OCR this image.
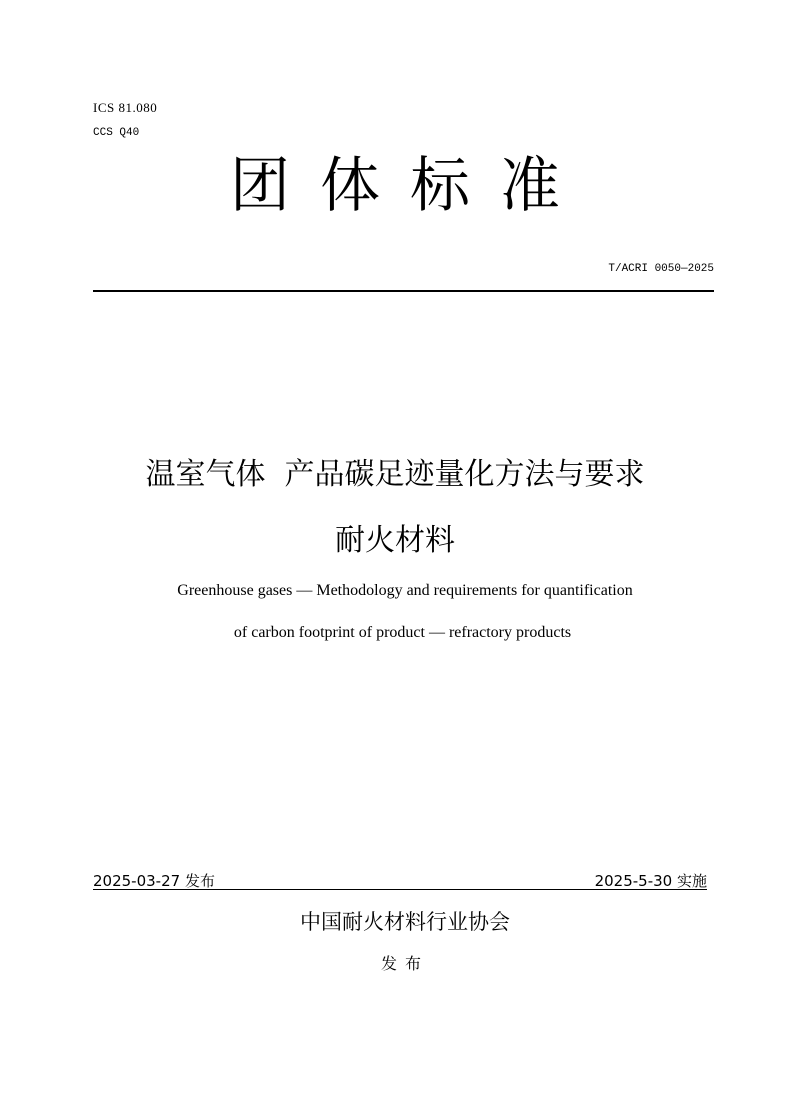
ICS 81.080
CCS Q40
团体标准
T/ACRI 0050—2025
温室气体  产品碳足迹量化方法与要求
耐火材料
Greenhouse gases — Methodology and requirements for quantification
of carbon footprint of product — refractory products
2025-03-27 发布	2025-5-30 实施
中国耐火材料行业协会
发布
